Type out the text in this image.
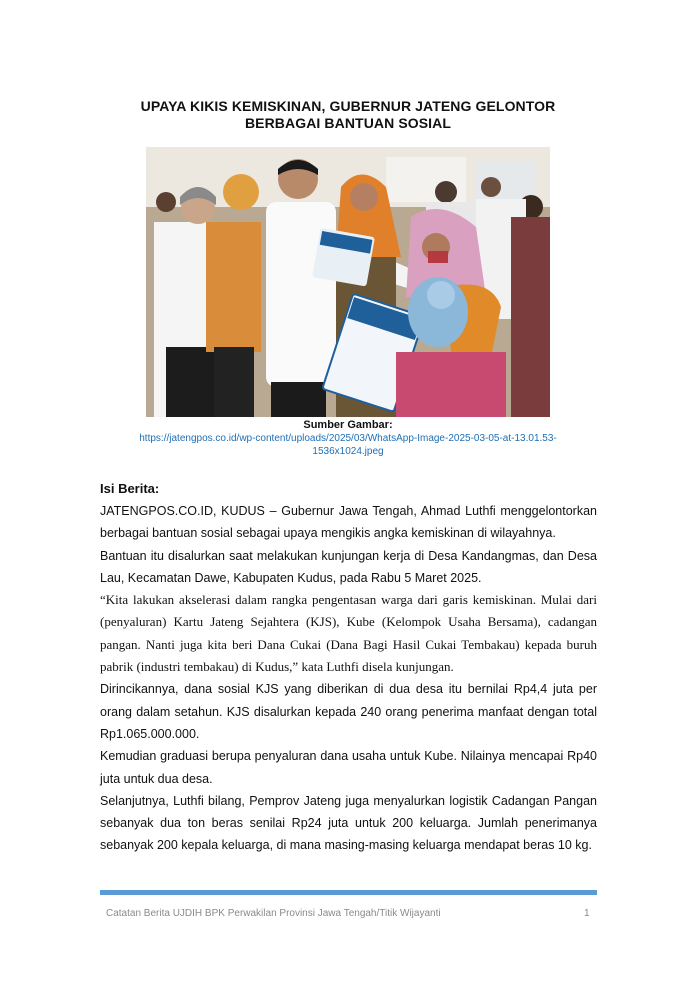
UPAYA KIKIS KEMISKINAN, GUBERNUR JATENG GELONTOR
BERBAGAI BANTUAN SOSIAL
Sumber Gambar:
https://jatengpos.co.id/wp-content/uploads/2025/03/WhatsApp-Image-2025-03-05-at-13.01.53-1536x1024.jpeg
Isi Berita:

JATENGPOS.CO.ID, KUDUS – Gubernur Jawa Tengah, Ahmad Luthfi menggelontorkan berbagai bantuan sosial sebagai upaya mengikis angka kemiskinan di wilayahnya.

Bantuan itu disalurkan saat melakukan kunjungan kerja di Desa Kandangmas, dan Desa Lau, Kecamatan Dawe, Kabupaten Kudus, pada Rabu 5 Maret 2025.

“Kita lakukan akselerasi dalam rangka pengentasan warga dari garis kemiskinan. Mulai dari (penyaluran) Kartu Jateng Sejahtera (KJS), Kube (Kelompok Usaha Bersama), cadangan pangan. Nanti juga kita beri Dana Cukai (Dana Bagi Hasil Cukai Tembakau) kepada buruh pabrik (industri tembakau) di Kudus,” kata Luthfi disela kunjungan.

Dirincikannya, dana sosial KJS yang diberikan di dua desa itu bernilai Rp4,4 juta per orang dalam setahun. KJS disalurkan kepada 240 orang penerima manfaat dengan total Rp1.065.000.000.

Kemudian graduasi berupa penyaluran dana usaha untuk Kube. Nilainya mencapai Rp40 juta untuk dua desa.

Selanjutnya, Luthfi bilang, Pemprov Jateng juga menyalurkan logistik Cadangan Pangan sebanyak dua ton beras senilai Rp24 juta untuk 200 keluarga. Jumlah penerimanya sebanyak 200 kepala keluarga, di mana masing-masing keluarga mendapat beras 10 kg.

Catatan Berita UJDIH BPK Perwakilan Provinsi Jawa Tengah/Titik Wijayanti	1
